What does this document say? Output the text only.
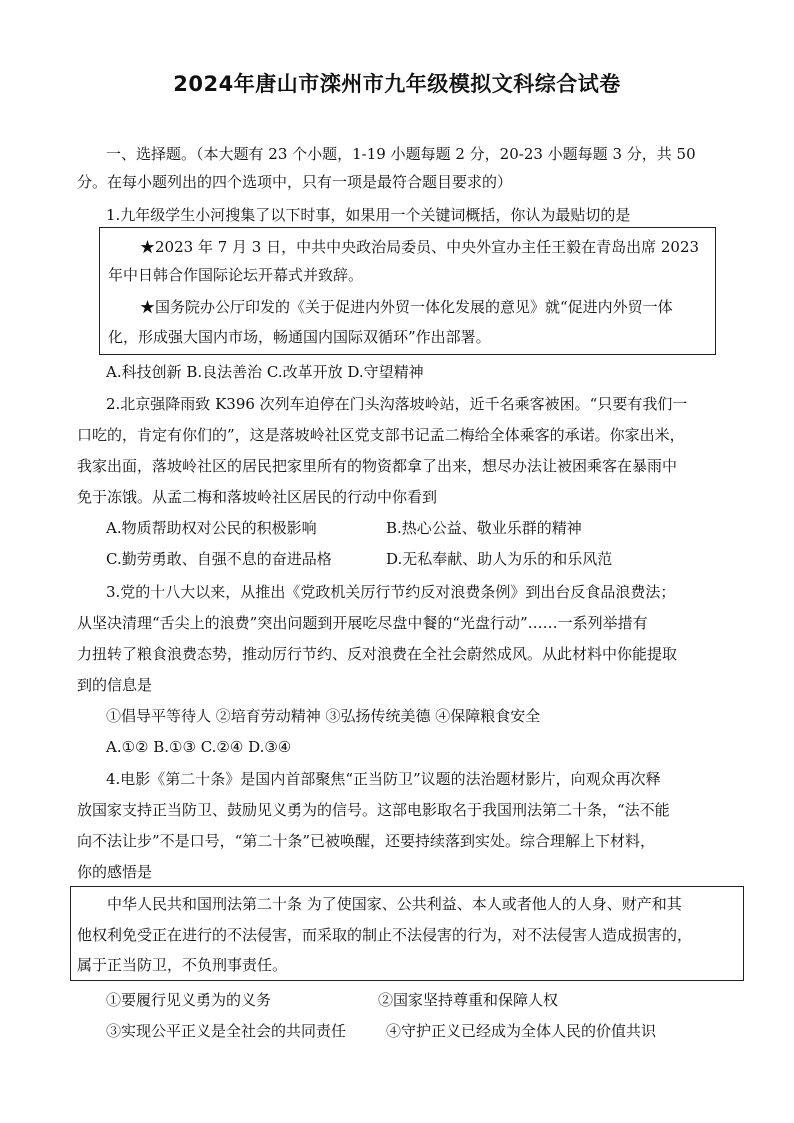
2024年唐山市滦州市九年级模拟文科综合试卷
一、选择题。（本大题有 23 个小题，1-19 小题每题 2 分，20-23 小题每题 3 分，共 50
分。在每小题列出的四个选项中，只有一项是最符合题目要求的）
1.九年级学生小河搜集了以下时事，如果用一个关键词概括，你认为最贴切的是
★2023 年 7 月 3 日，中共中央政治局委员、中央外宣办主任王毅在青岛出席 2023
年中日韩合作国际论坛开幕式并致辞。
★国务院办公厅印发的《关于促进内外贸一体化发展的意见》就“促进内外贸一体
化，形成强大国内市场，畅通国内国际双循环”作出部署。
A.科技创新 B.良法善治 C.改革开放 D.守望精神
2.北京强降雨致 K396 次列车迫停在门头沟落坡岭站，近千名乘客被困。“只要有我们一
口吃的，肯定有你们的”，这是落坡岭社区党支部书记孟二梅给全体乘客的承诺。你家出米，
我家出面，落坡岭社区的居民把家里所有的物资都拿了出来，想尽办法让被困乘客在暴雨中
免于冻饿。从孟二梅和落坡岭社区居民的行动中你看到
A.物质帮助权对公民的积极影响	B.热心公益、敬业乐群的精神
C.勤劳勇敢、自强不息的奋进品格	D.无私奉献、助人为乐的和乐风范
3.党的十八大以来，从推出《党政机关厉行节约反对浪费条例》到出台反食品浪费法；
从坚决清理“舌尖上的浪费”突出问题到开展吃尽盘中餐的“光盘行动”……一系列举措有
力扭转了粮食浪费态势，推动厉行节约、反对浪费在全社会蔚然成风。从此材料中你能提取
到的信息是
①倡导平等待人 ②培育劳动精神 ③弘扬传统美德 ④保障粮食安全
A.①② B.①③ C.②④ D.③④
4.电影《第二十条》是国内首部聚焦“正当防卫”议题的法治题材影片，向观众再次释
放国家支持正当防卫、鼓励见义勇为的信号。这部电影取名于我国刑法第二十条，“法不能
向不法让步”不是口号，“第二十条”已被唤醒，还要持续落到实处。综合理解上下材料，
你的感悟是
中华人民共和国刑法第二十条 为了使国家、公共利益、本人或者他人的人身、财产和其
他权利免受正在进行的不法侵害，而采取的制止不法侵害的行为，对不法侵害人造成损害的，
属于正当防卫，不负刑事责任。
①要履行见义勇为的义务	②国家坚持尊重和保障人权
③实现公平正义是全社会的共同责任	④守护正义已经成为全体人民的价值共识
